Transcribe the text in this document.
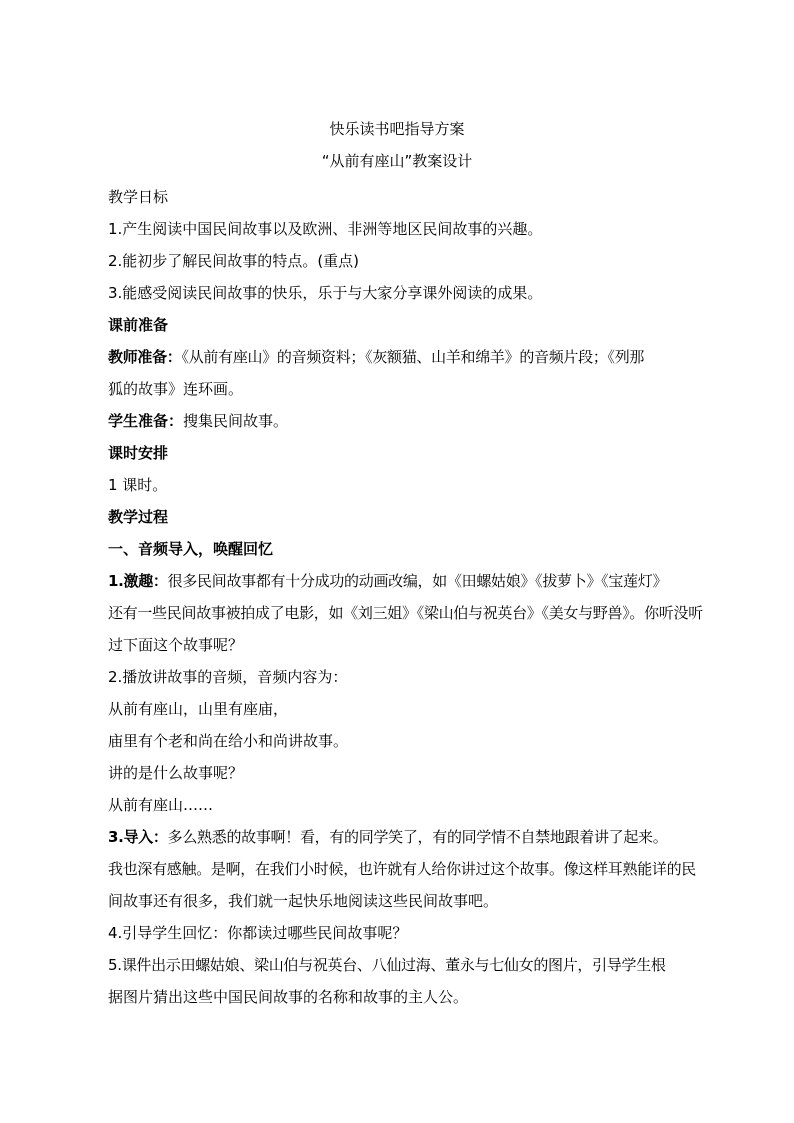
快乐读书吧指导方案
“从前有座山”教案设计
教学日标
1.产生阅读中国民间故事以及欧洲、非洲等地区民间故事的兴趣。
2.能初步了解民间故事的特点。(重点)
3.能感受阅读民间故事的快乐，乐于与大家分享课外阅读的成果。
课前准备
教师准备：《从前有座山》的音频资料；《灰额猫、山羊和绵羊》的音频片段；《列那
狐的故事》连环画。
学生准备：搜集民间故事。
课时安排
1 课时。
教学过程
一、音频导入，唤醒回忆
1.激趣：很多民间故事都有十分成功的动画改编，如《田螺姑娘》《拔萝卜》《宝莲灯》
还有一些民间故事被拍成了电影，如《刘三姐》《梁山伯与祝英台》《美女与野兽》。你听没听
过下面这个故事呢？
2.播放讲故事的音频，音频内容为：
从前有座山，山里有座庙，
庙里有个老和尚在给小和尚讲故事。
讲的是什么故事呢？
从前有座山……
3.导入：多么熟悉的故事啊！看，有的同学笑了，有的同学情不自禁地跟着讲了起来。
我也深有感触。是啊，在我们小时候，也许就有人给你讲过这个故事。像这样耳熟能详的民
间故事还有很多，我们就一起快乐地阅读这些民间故事吧。
4.引导学生回忆：你都读过哪些民间故事呢？
5.课件出示田螺姑娘、梁山伯与祝英台、八仙过海、董永与七仙女的图片，引导学生根
据图片猜出这些中国民间故事的名称和故事的主人公。
